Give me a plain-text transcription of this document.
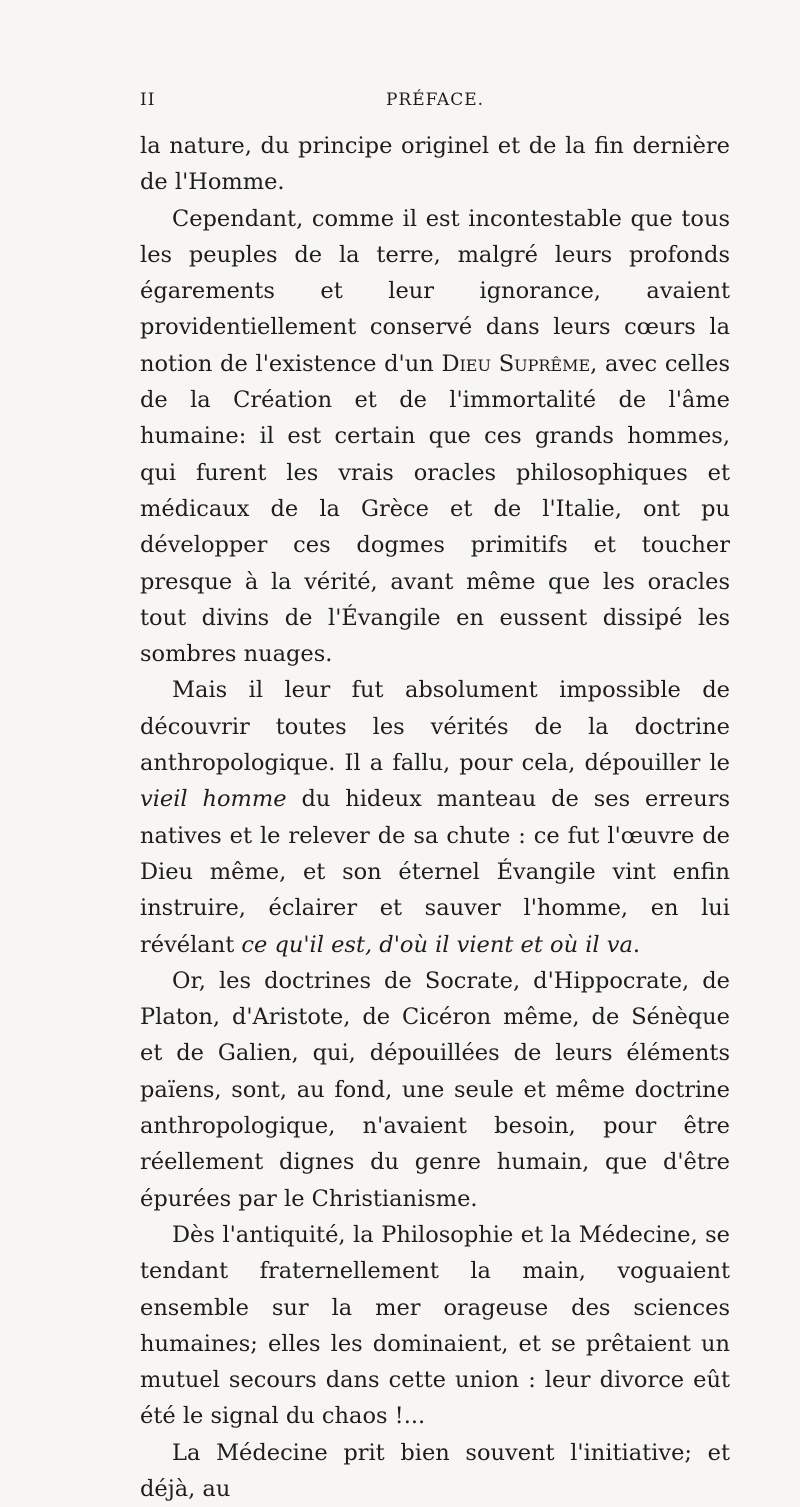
II	PRÉFACE.

la nature, du principe originel et de la fin dernière de l'Homme.

Cependant, comme il est incontestable que tous les peuples de la terre, malgré leurs profonds égarements et leur ignorance, avaient providentiellement conservé dans leurs cœurs la notion de l'existence d'un Dieu Suprême, avec celles de la Création et de l'immortalité de l'âme humaine: il est certain que ces grands hommes, qui furent les vrais oracles philosophiques et médicaux de la Grèce et de l'Italie, ont pu développer ces dogmes primitifs et toucher presque à la vérité, avant même que les oracles tout divins de l'Évangile en eussent dissipé les sombres nuages.

Mais il leur fut absolument impossible de découvrir toutes les vérités de la doctrine anthropologique. Il a fallu, pour cela, dépouiller le vieil homme du hideux manteau de ses erreurs natives et le relever de sa chute : ce fut l'œuvre de Dieu même, et son éternel Évangile vint enfin instruire, éclairer et sauver l'homme, en lui révélant ce qu'il est, d'où il vient et où il va.

Or, les doctrines de Socrate, d'Hippocrate, de Platon, d'Aristote, de Cicéron même, de Sénèque et de Galien, qui, dépouillées de leurs éléments païens, sont, au fond, une seule et même doctrine anthropologique, n'avaient besoin, pour être réellement dignes du genre humain, que d'être épurées par le Christianisme.

Dès l'antiquité, la Philosophie et la Médecine, se tendant fraternellement la main, voguaient ensemble sur la mer orageuse des sciences humaines; elles les dominaient, et se prêtaient un mutuel secours dans cette union : leur divorce eût été le signal du chaos !...

La Médecine prit bien souvent l'initiative; et déjà, au
